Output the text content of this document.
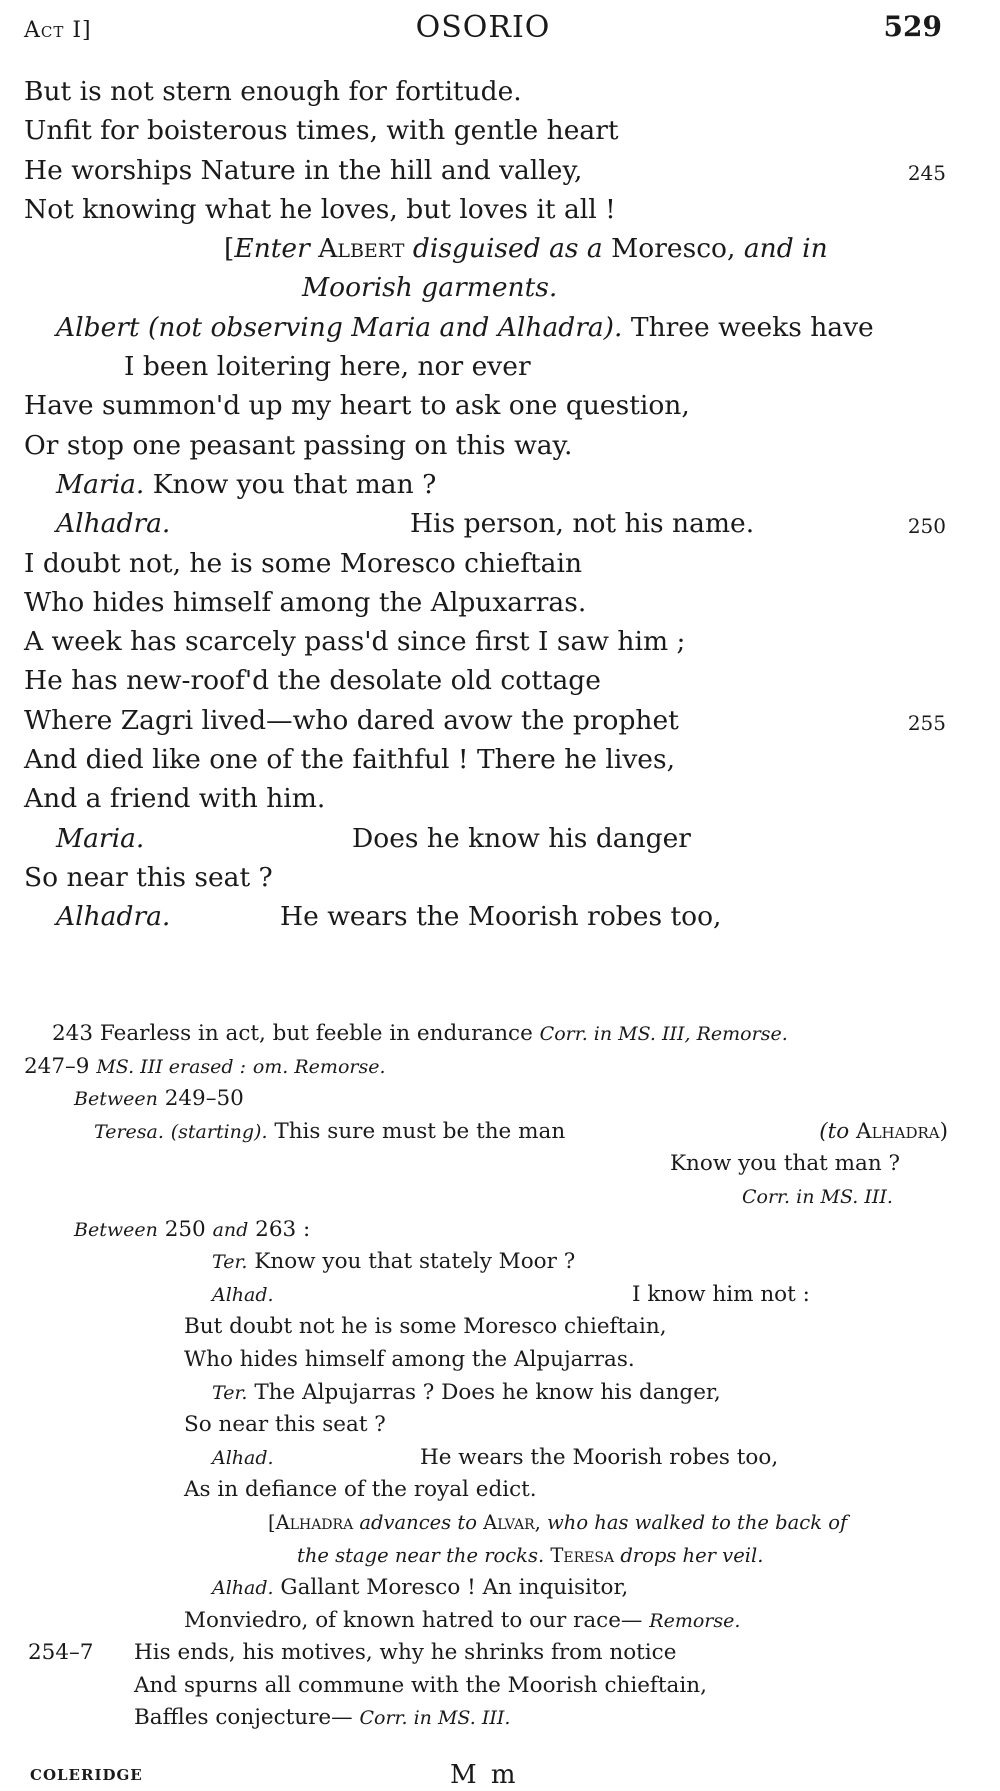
Act I]	OSORIO	529
But is not stern enough for fortitude.
Unfit for boisterous times, with gentle heart
He worships Nature in the hill and valley,	245
Not knowing what he loves, but loves it all !
[Enter Albert disguised as a Moresco, and in
Moorish garments.
Albert (not observing Maria and Alhadra). Three weeks have
I been loitering here, nor ever
Have summon'd up my heart to ask one question,
Or stop one peasant passing on this way.
Maria. Know you that man ?
Alhadra.	His person, not his name.	250
I doubt not, he is some Moresco chieftain
Who hides himself among the Alpuxarras.
A week has scarcely pass'd since first I saw him ;
He has new-roof'd the desolate old cottage
Where Zagri lived—who dared avow the prophet	255
And died like one of the faithful ! There he lives,
And a friend with him.
Maria.	Does he know his danger
So near this seat ?
Alhadra.	He wears the Moorish robes too,
243 Fearless in act, but feeble in endurance Corr. in MS. III, Remorse.
247–9 MS. III erased : om. Remorse.
Between 249–50
Teresa. (starting). This sure must be the man	(to Alhadra)
Know you that man ?
Corr. in MS. III.
Between 250 and 263 :
Ter. Know you that stately Moor ?
Alhad.	I know him not :
But doubt not he is some Moresco chieftain,
Who hides himself among the Alpujarras.
Ter. The Alpujarras ? Does he know his danger,
So near this seat ?
Alhad.	He wears the Moorish robes too,
As in defiance of the royal edict.
[Alhadra advances to Alvar, who has walked to the back of
the stage near the rocks. Teresa drops her veil.
Alhad. Gallant Moresco ! An inquisitor,
Monviedro, of known hatred to our race— Remorse.
254–7 His ends, his motives, why he shrinks from notice
And spurns all commune with the Moorish chieftain,
Baffles conjecture— Corr. in MS. III.
COLERIDGE	M m
